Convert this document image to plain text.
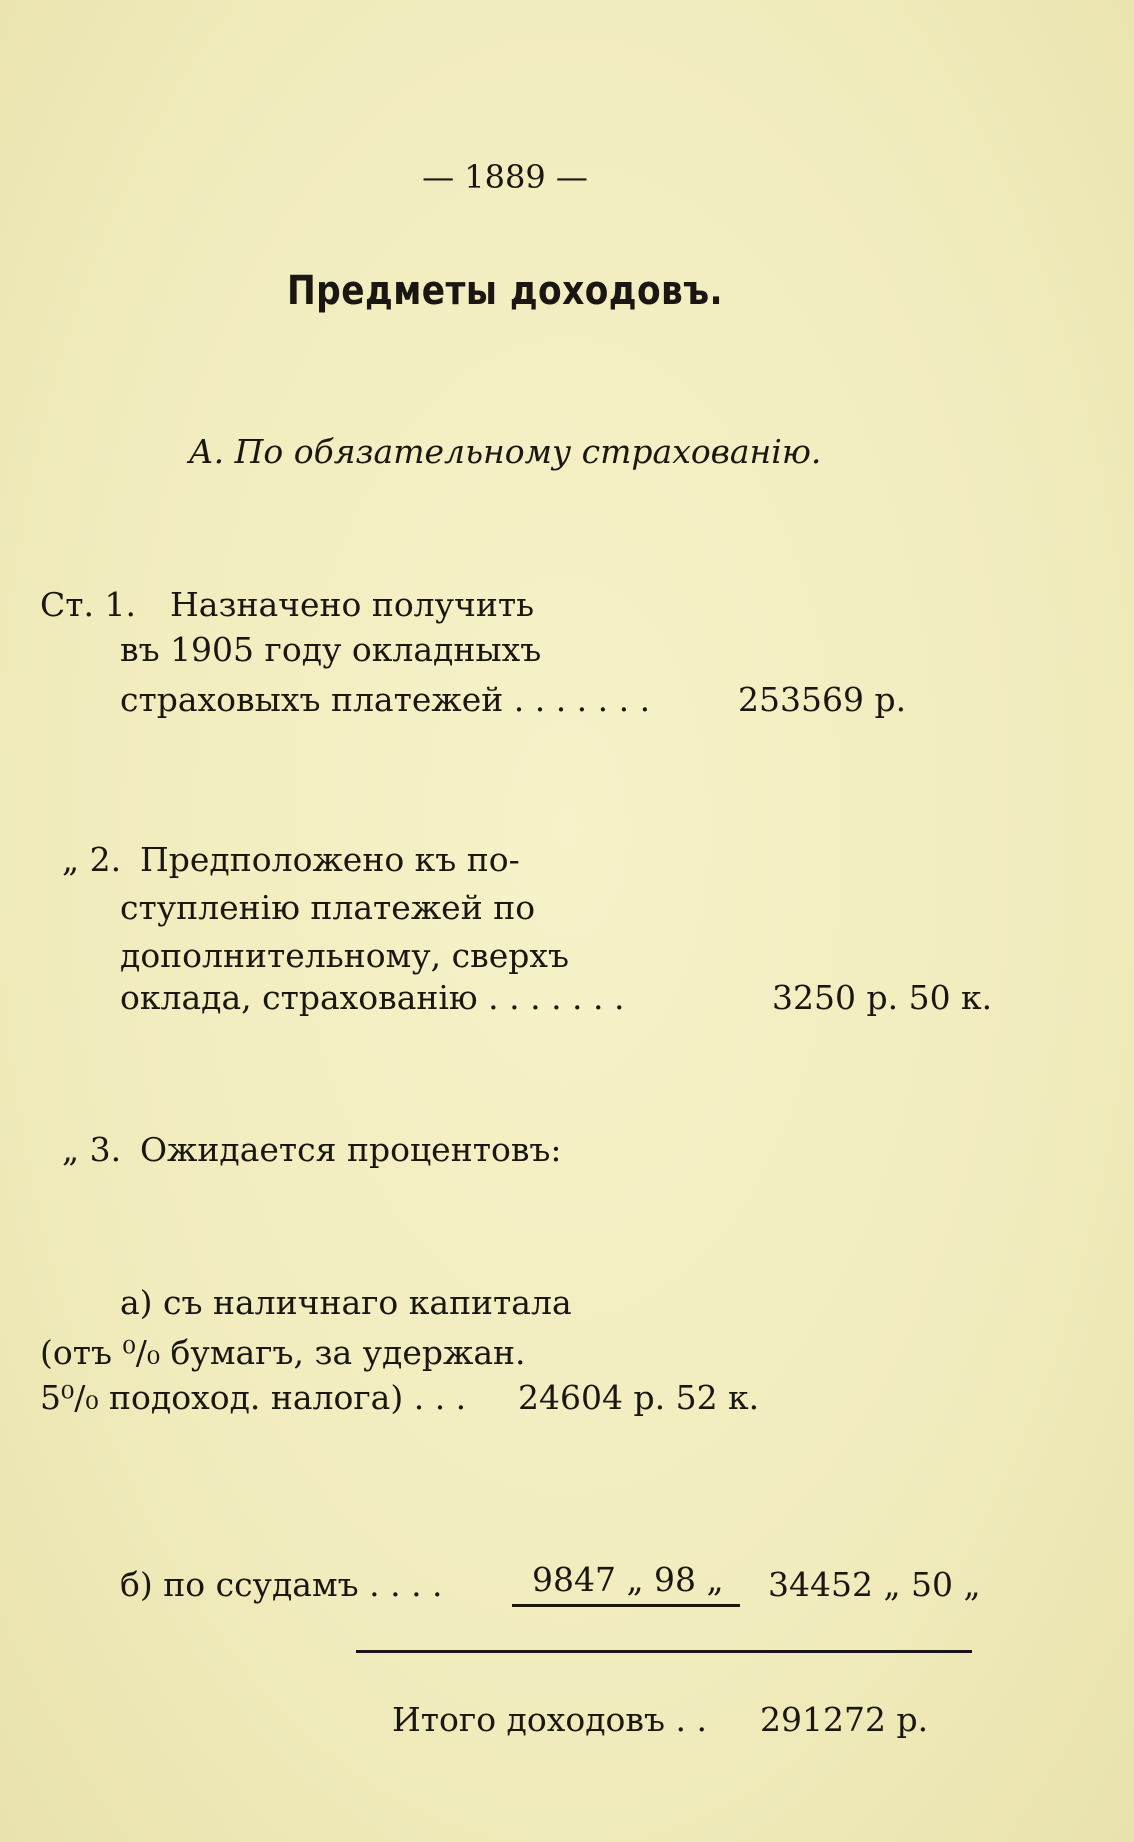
— 1889 —
Предметы доходовъ.
А. По обязательному страхованію.
Ст. 1. Назначено получить
въ 1905 году окладныхъ
страховыхъ платежей . . . . . . .	253569 р.
„ 2. Предположено къ по-
ступленію платежей по
дополнительному, сверхъ
оклада, страхованію . . . . . . .	3250 р. 50 к.
„ 3. Ожидается процентовъ:
а) съ наличнаго капитала
(отъ ⁰/₀ бумагъ, за удержан.
5⁰/₀ подоход. налога) . . . 24604 р. 52 к.
б) по ссудамъ . . . .	9847 „ 98 „ 34452 „ 50 „
Итого доходовъ . . 291272 р.
